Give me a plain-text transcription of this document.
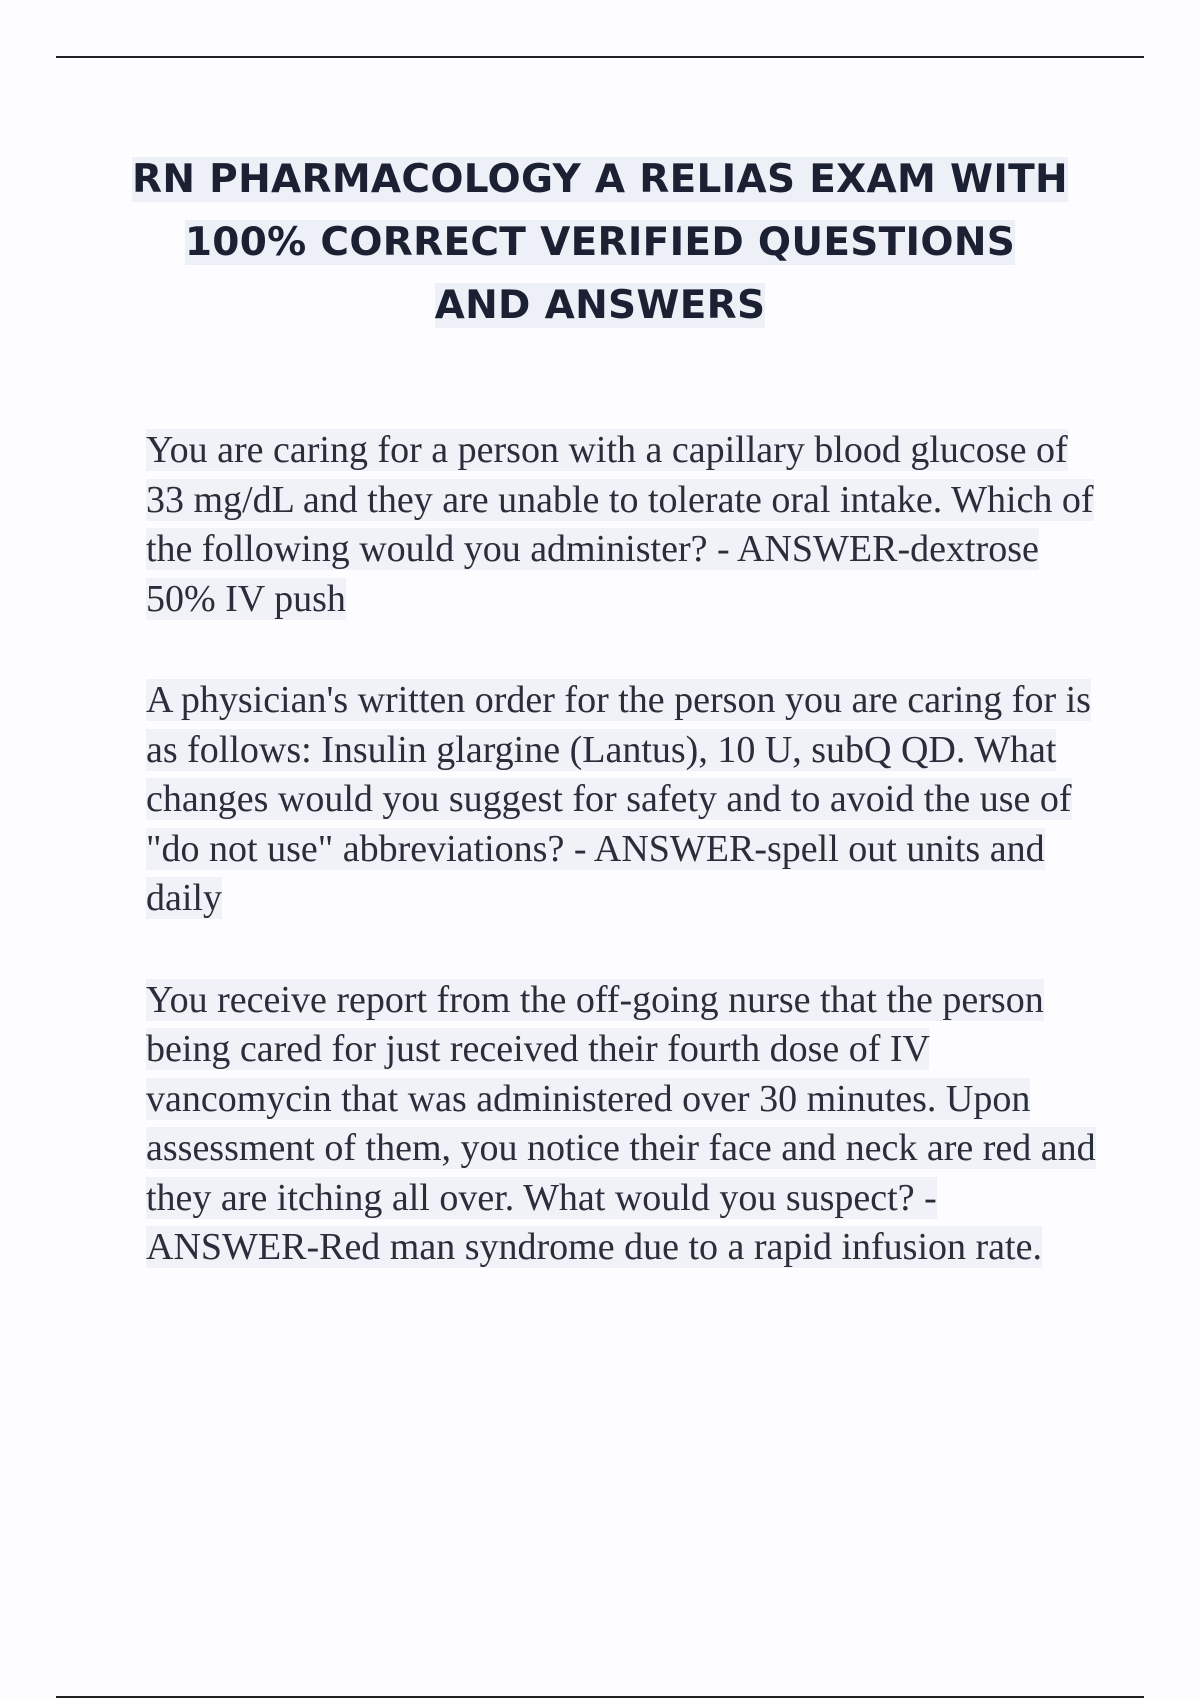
RN PHARMACOLOGY A RELIAS EXAM WITH 100% CORRECT VERIFIED QUESTIONS AND ANSWERS
You are caring for a person with a capillary blood glucose of 33 mg/dL and they are unable to tolerate oral intake. Which of the following would you administer? - ANSWER-dextrose 50% IV push
A physician's written order for the person you are caring for is as follows: Insulin glargine (Lantus), 10 U, subQ QD. What changes would you suggest for safety and to avoid the use of "do not use" abbreviations? - ANSWER-spell out units and daily
You receive report from the off-going nurse that the person being cared for just received their fourth dose of IV vancomycin that was administered over 30 minutes. Upon assessment of them, you notice their face and neck are red and they are itching all over. What would you suspect? - ANSWER-Red man syndrome due to a rapid infusion rate.
